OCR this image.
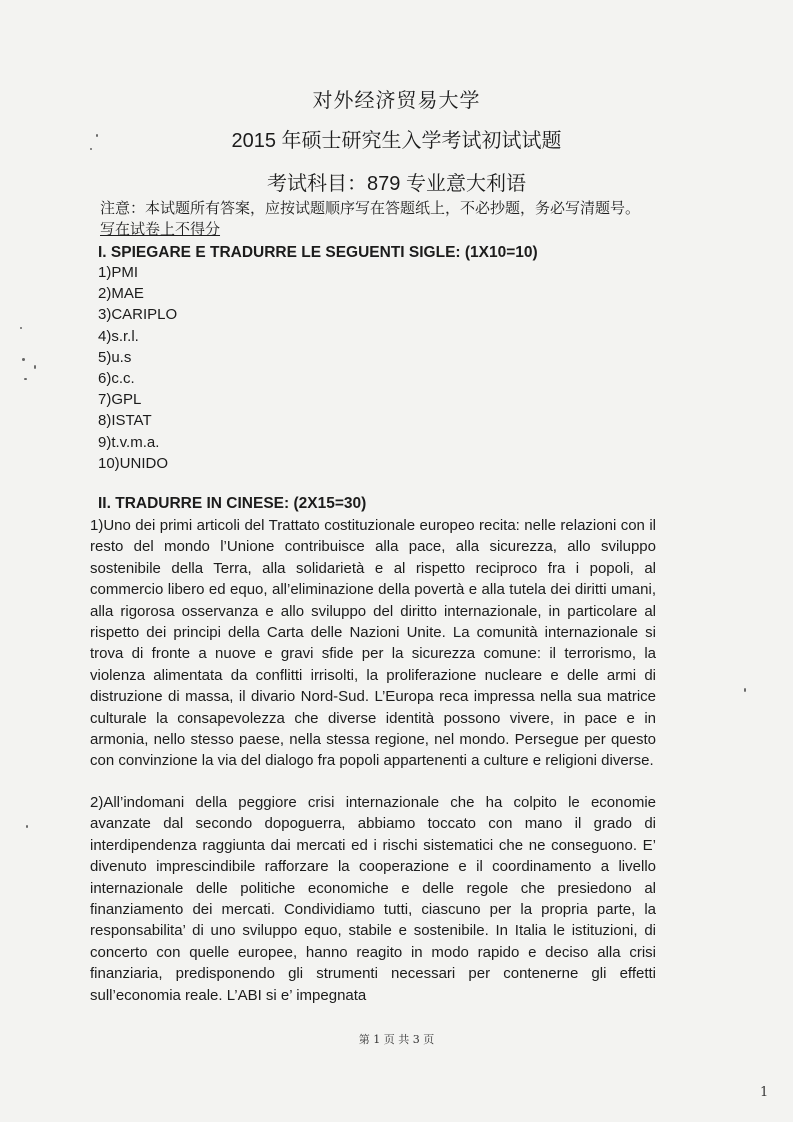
对外经济贸易大学
2015 年硕士研究生入学考试初试试题
考试科目：879 专业意大利语
注意：本试题所有答案，应按试题顺序写在答题纸上，不必抄题，务必写清题号。
写在试卷上不得分
I. SPIEGARE E TRADURRE LE SEGUENTI SIGLE: (1X10=10)
1)PMI
2)MAE
3)CARIPLO
4)s.r.l.
5)u.s
6)c.c.
7)GPL
8)ISTAT
9)t.v.m.a.
10)UNIDO
II. TRADURRE IN CINESE: (2X15=30)

1)Uno dei primi articoli del Trattato costituzionale europeo recita: nelle relazioni con il resto del mondo l’Unione contribuisce alla pace, alla sicurezza, allo sviluppo sostenibile della Terra, alla solidarietà e al rispetto reciproco fra i popoli, al commercio libero ed equo, all’eliminazione della povertà e alla tutela dei diritti umani, alla rigorosa osservanza e allo sviluppo del diritto internazionale, in particolare al rispetto dei principi della Carta delle Nazioni Unite. La comunità internazionale si trova di fronte a nuove e gravi sfide per la sicurezza comune: il terrorismo, la violenza alimentata da conflitti irrisolti, la proliferazione nucleare e delle armi di distruzione di massa, il divario Nord-Sud. L’Europa reca impressa nella sua matrice culturale la consapevolezza che diverse identità possono vivere, in pace e in armonia, nello stesso paese, nella stessa regione, nel mondo. Persegue per questo con convinzione la via del dialogo fra popoli appartenenti a culture e religioni diverse.

2)All’indomani della peggiore crisi internazionale che ha colpito le economie avanzate dal secondo dopoguerra, abbiamo toccato con mano il grado di interdipendenza raggiunta dai mercati ed i rischi sistematici che ne conseguono. E’ divenuto imprescindibile rafforzare la cooperazione e il coordinamento a livello internazionale delle politiche economiche e delle regole che presiedono al finanziamento dei mercati. Condividiamo tutti, ciascuno per la propria parte, la responsabilita’ di uno sviluppo equo, stabile e sostenibile. In Italia le istituzioni, di concerto con quelle europee, hanno reagito in modo rapido e deciso alla crisi finanziaria, predisponendo gli strumenti necessari per contenerne gli effetti sull’economia reale. L’ABI si e’ impegnata

第 1 页 共 3 页
1
